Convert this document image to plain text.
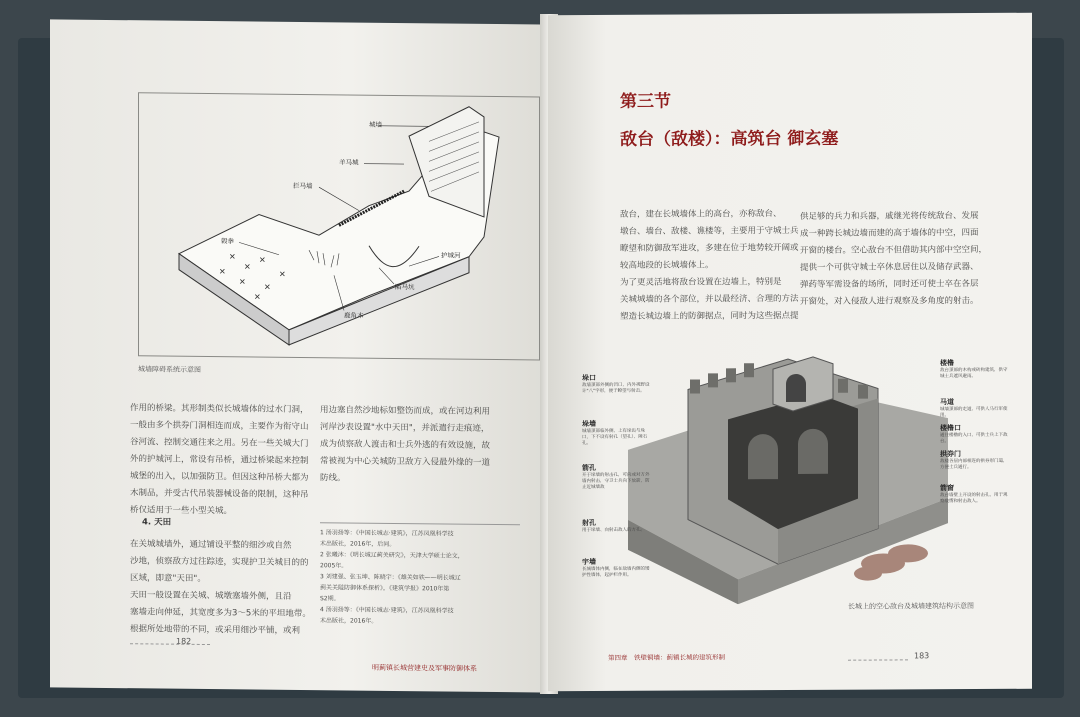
✕
✕
✕
✕
✕
✕
✕
✕
城墙
羊马城
拦马墙
护城河
陷马坑
鹿角木
榖拳
城墙障碍系统示意图
作用的桥梁。其形制类似长城墙体的过水门洞，
一般由多个拱券门洞相连而成，主要作为衔守山
谷河流、控制交通往来之用。另在一些关城大门
外的护城河上，常设有吊桥，通过桥梁起来控制
城堡的出入，以加强防卫。但因这种吊桥大都为
木制品，并受古代吊装器械设备的限制，这种吊
桥仅适用于一些小型关城。
4. 天田
在关城城墙外，通过铺设平整的细沙或自然
沙地，侦察敌方过往踪迹，实现护卫关城目的的
区域，即意"天田"。
天田一般设置在关城、城墩塞墙外侧，且沿
塞墙走向伸延，其宽度多为3～5米的平坦地带。
根据所处地带的不同，或采用细沙平铺，或利
用边塞自然沙地标如整饬而成，或在河边利用
河岸沙表设置"水中天田"，并派遣行走痕迹，
成为侦察敌人渡击和士兵外逃的有效设施，故
常被视为中心关城防卫敌方入侵最外缘的一道
防线。
1 汤羽扬等：《中国长城志·建筑》，江苏凤凰科学技
术出版社，2016年，后同。
2 张曦沐：《明长城辽蓟关研究》，天津大学硕士论文，
2005年。
3 刘建强、张玉坤、陈晓宇：《雄关如铁——明长城辽
蓟关关隘防御体系探析》，《建筑学报》2010年第
S2期。
4 汤羽扬等：《中国长城志·建筑》，江苏凤凰科学技
术出版社，2016年。
182
明蓟镇长城营建史及军事防御体系
第三节
敌台（敌楼）：高筑台 御玄塞
敌台，建在长城墙体上的高台，亦称敌台、
墩台、墙台、敌楼、谯楼等，主要用于守城士兵
瞭望和防御敌军进攻，多建在位于地势较开阔或
较高地段的长城墙体上。
为了更灵活地将敌台设置在边墙上，特别是
关城城墙的各个部位，并以最经济、合理的方法
塑造长城边墙上的防御据点，同时为这些据点提
供足够的兵力和兵器，戚继光将传统敌台、发展
成一种跨长城边墙而建的高于墙体的中空，四面
开窗的楼台。空心敌台不但借助其内部中空空间，
提供一个可供守城士卒休息居住以及储存武器、
弹药等军需设备的场所，同时还可使士卒在各层
开窗处，对入侵敌人进行观察及多角度的射击。
垛口
敌墙顶部外侧的凹口，内外视野设计"八"字形，便于瞭望与射击。
垛墙
城墙顶部临外侧，上有垛齿与垛口，下不设有射孔（望孔）、障石孔。
箭孔
开于垛墙的射击孔，可向或对方外墙内射击，守卫士兵向下放箭，防止近城墙敌
射孔
用于垛墙、向射击敌人的方孔。
宇墙
长城墙体内侧，临在敌墙内侧的矮护性墙体，起护栏作用。
楼橹
敌台顶部的木构或砖构建筑，供守城士兵遮风避雨。
马道
城墙顶部的走道，可供人马行军使用。
楼橹口
通往楼橹的入口，可供士兵上下敌台。
拱券门
敌楼各层内部相连的拱券形门道，方便士兵通行。
箭窗
敌台墙壁上开设的射击孔，用于观察敌情和射击敌人。
长城上的空心敌台及城墙建筑结构示意图
第四章　铁壁铜墙：蓟镇长城的建筑形制	183
